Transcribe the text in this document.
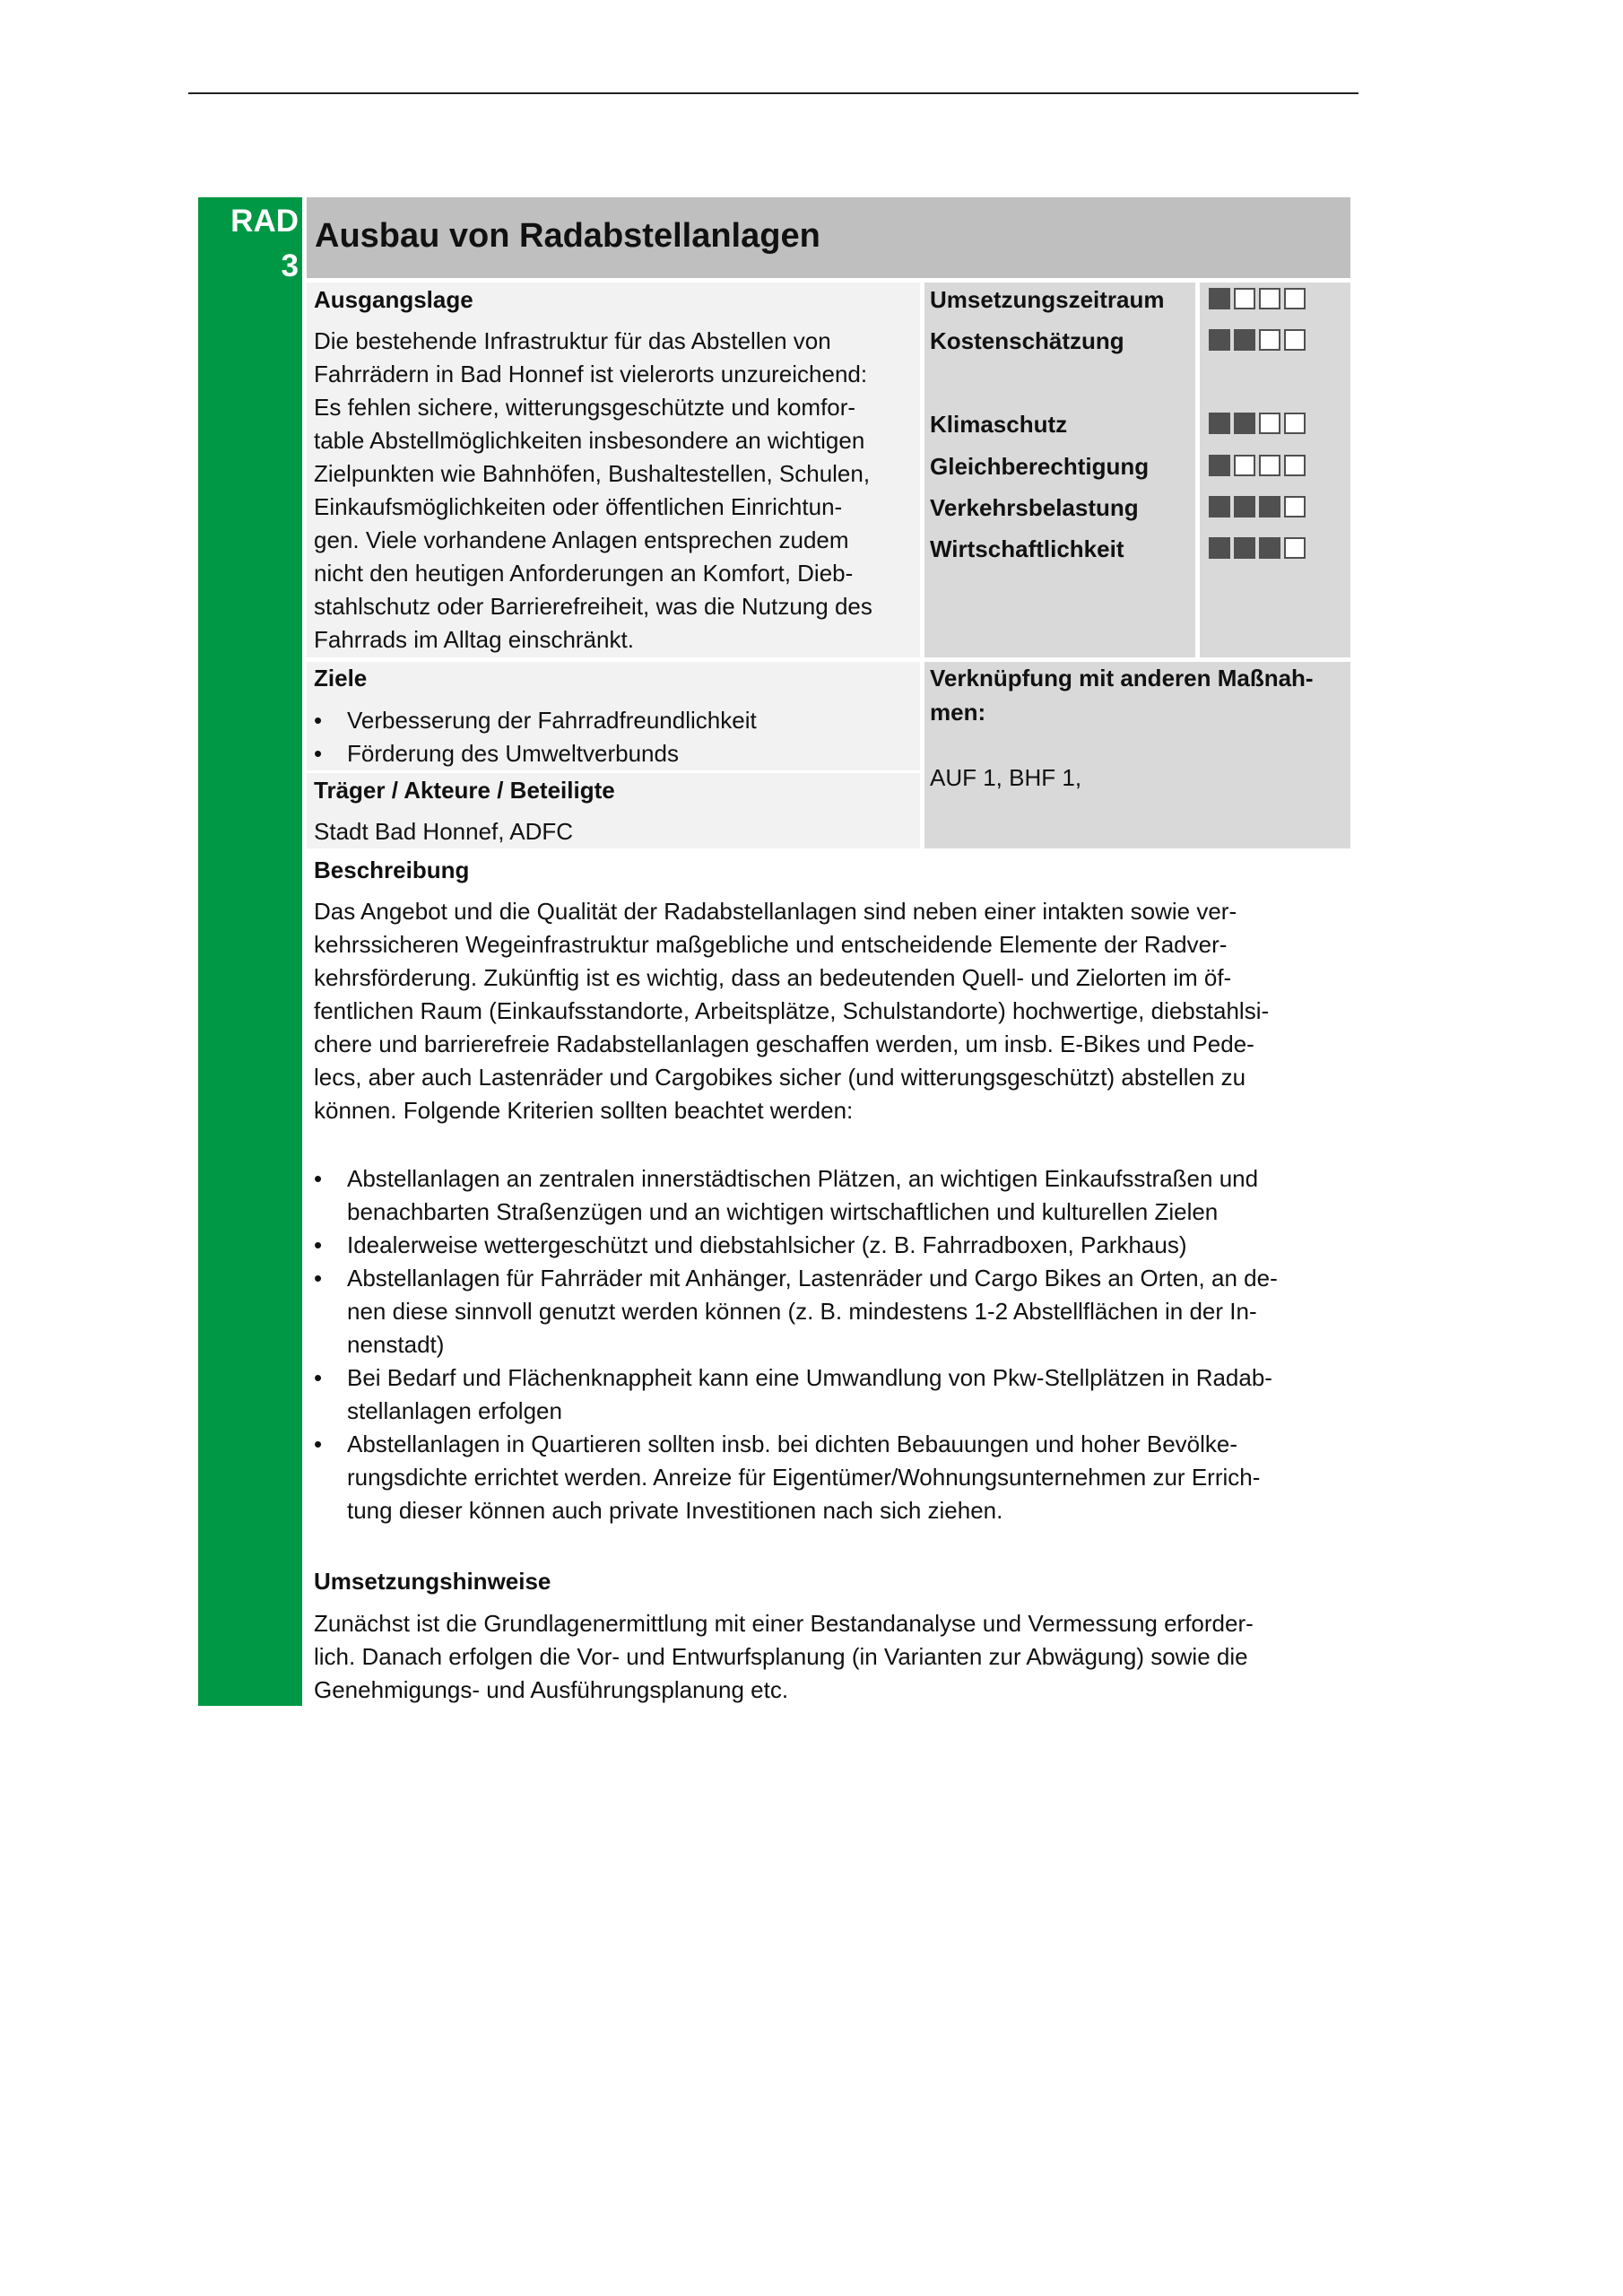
RAD
3
Ausbau von Radabstellanlagen
Ausgangslage
Die bestehende Infrastruktur für das Abstellen von
Fahrrädern in Bad Honnef ist vielerorts unzureichend:
Es fehlen sichere, witterungsgeschützte und komfor-
table Abstellmöglichkeiten insbesondere an wichtigen
Zielpunkten wie Bahnhöfen, Bushaltestellen, Schulen,
Einkaufsmöglichkeiten oder öffentlichen Einrichtun-
gen. Viele vorhandene Anlagen entsprechen zudem
nicht den heutigen Anforderungen an Komfort, Dieb-
stahlschutz oder Barrierefreiheit, was die Nutzung des
Fahrrads im Alltag einschränkt.
Umsetzungszeitraum
Kostenschätzung
Klimaschutz
Gleichberechtigung
Verkehrsbelastung
Wirtschaftlichkeit
Ziele
• Verbesserung der Fahrradfreundlichkeit
• Förderung des Umweltverbunds
Träger / Akteure / Beteiligte
Stadt Bad Honnef, ADFC
Verknüpfung mit anderen Maßnah-
men:
AUF 1, BHF 1,
Beschreibung
Das Angebot und die Qualität der Radabstellanlagen sind neben einer intakten sowie ver-
kehrssicheren Wegeinfrastruktur maßgebliche und entscheidende Elemente der Radver-
kehrsförderung. Zukünftig ist es wichtig, dass an bedeutenden Quell- und Zielorten im öf-
fentlichen Raum (Einkaufsstandorte, Arbeitsplätze, Schulstandorte) hochwertige, diebstahlsi-
chere und barrierefreie Radabstellanlagen geschaffen werden, um insb. E-Bikes und Pede-
lecs, aber auch Lastenräder und Cargobikes sicher (und witterungsgeschützt) abstellen zu
können. Folgende Kriterien sollten beachtet werden:
• Abstellanlagen an zentralen innerstädtischen Plätzen, an wichtigen Einkaufsstraßen und
benachbarten Straßenzügen und an wichtigen wirtschaftlichen und kulturellen Zielen
• Idealerweise wettergeschützt und diebstahlsicher (z. B. Fahrradboxen, Parkhaus)
• Abstellanlagen für Fahrräder mit Anhänger, Lastenräder und Cargo Bikes an Orten, an de-
nen diese sinnvoll genutzt werden können (z. B. mindestens 1-2 Abstellflächen in der In-
nenstadt)
• Bei Bedarf und Flächenknappheit kann eine Umwandlung von Pkw-Stellplätzen in Radab-
stellanlagen erfolgen
• Abstellanlagen in Quartieren sollten insb. bei dichten Bebauungen und hoher Bevölke-
rungsdichte errichtet werden. Anreize für Eigentümer/Wohnungsunternehmen zur Errich-
tung dieser können auch private Investitionen nach sich ziehen.
Umsetzungshinweise
Zunächst ist die Grundlagenermittlung mit einer Bestandanalyse und Vermessung erforder-
lich. Danach erfolgen die Vor- und Entwurfsplanung (in Varianten zur Abwägung) sowie die
Genehmigungs- und Ausführungsplanung etc.
